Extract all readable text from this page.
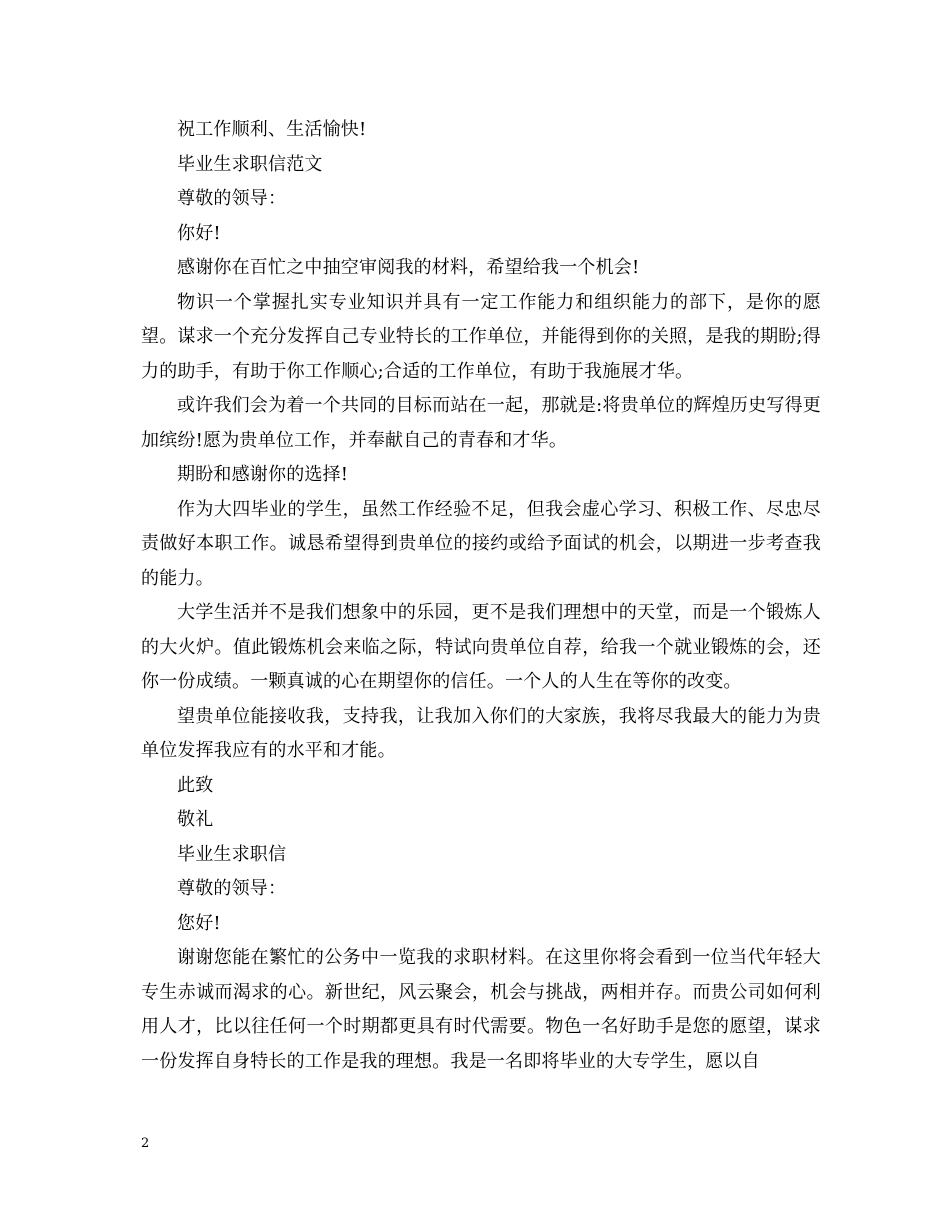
祝工作顺利、生活愉快!

毕业生求职信范文

尊敬的领导：

你好!

感谢你在百忙之中抽空审阅我的材料，希望给我一个机会!

物识一个掌握扎实专业知识并具有一定工作能力和组织能力的部下，是你的愿望。谋求一个充分发挥自己专业特长的工作单位，并能得到你的关照，是我的期盼;得力的助手，有助于你工作顺心;合适的工作单位，有助于我施展才华。

或许我们会为着一个共同的目标而站在一起，那就是:将贵单位的辉煌历史写得更加缤纷!愿为贵单位工作，并奉献自己的青春和才华。

期盼和感谢你的选择!

作为大四毕业的学生，虽然工作经验不足，但我会虚心学习、积极工作、尽忠尽责做好本职工作。诚恳希望得到贵单位的接约或给予面试的机会，以期进一步考查我的能力。

大学生活并不是我们想象中的乐园，更不是我们理想中的天堂，而是一个锻炼人的大火炉。值此锻炼机会来临之际，特试向贵单位自荐，给我一个就业锻炼的会，还你一份成绩。一颗真诚的心在期望你的信任。一个人的人生在等你的改变。

望贵单位能接收我，支持我，让我加入你们的大家族，我将尽我最大的能力为贵单位发挥我应有的水平和才能。

此致

敬礼

毕业生求职信

尊敬的领导：

您好!

谢谢您能在繁忙的公务中一览我的求职材料。在这里你将会看到一位当代年轻大专生赤诚而渴求的心。新世纪，风云聚会，机会与挑战，两相并存。而贵公司如何利用人才，比以往任何一个时期都更具有时代需要。物色一名好助手是您的愿望，谋求一份发挥自身特长的工作是我的理想。我是一名即将毕业的大专学生，愿以自

2
